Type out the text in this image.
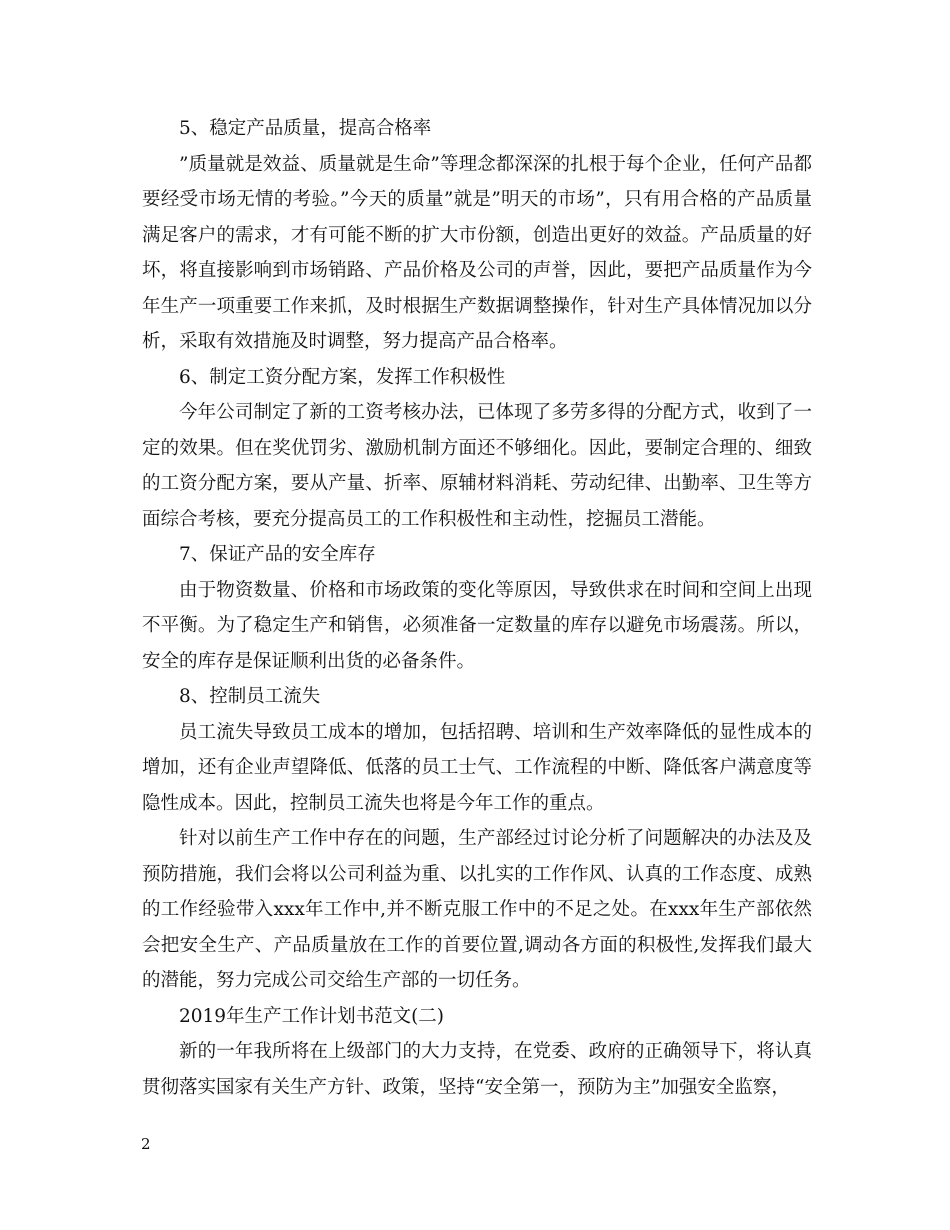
5、稳定产品质量，提高合格率

”质量就是效益、质量就是生命”等理念都深深的扎根于每个企业，任何产品都要经受市场无情的考验。”今天的质量”就是”明天的市场”，只有用合格的产品质量满足客户的需求，才有可能不断的扩大市份额，创造出更好的效益。产品质量的好坏，将直接影响到市场销路、产品价格及公司的声誉，因此，要把产品质量作为今年生产一项重要工作来抓，及时根据生产数据调整操作，针对生产具体情况加以分析，采取有效措施及时调整，努力提高产品合格率。

6、制定工资分配方案，发挥工作积极性

今年公司制定了新的工资考核办法，已体现了多劳多得的分配方式，收到了一定的效果。但在奖优罚劣、激励机制方面还不够细化。因此，要制定合理的、细致的工资分配方案，要从产量、折率、原辅材料消耗、劳动纪律、出勤率、卫生等方面综合考核，要充分提高员工的工作积极性和主动性，挖掘员工潜能。

7、保证产品的安全库存

由于物资数量、价格和市场政策的变化等原因，导致供求在时间和空间上出现不平衡。为了稳定生产和销售，必须准备一定数量的库存以避免市场震荡。所以，安全的库存是保证顺利出货的必备条件。

8、控制员工流失

员工流失导致员工成本的增加，包括招聘、培训和生产效率降低的显性成本的增加，还有企业声望降低、低落的员工士气、工作流程的中断、降低客户满意度等隐性成本。因此，控制员工流失也将是今年工作的重点。

针对以前生产工作中存在的问题，生产部经过讨论分析了问题解决的办法及及预防措施，我们会将以公司利益为重、以扎实的工作作风、认真的工作态度、成熟的工作经验带入xxx年工作中,并不断克服工作中的不足之处。在xxx年生产部依然会把安全生产、产品质量放在工作的首要位置,调动各方面的积极性,发挥我们最大的潜能，努力完成公司交给生产部的一切任务。

2019年生产工作计划书范文(二)

新的一年我所将在上级部门的大力支持，在党委、政府的正确领导下，将认真贯彻落实国家有关生产方针、政策，坚持“安全第一，预防为主”加强安全监察，

2
